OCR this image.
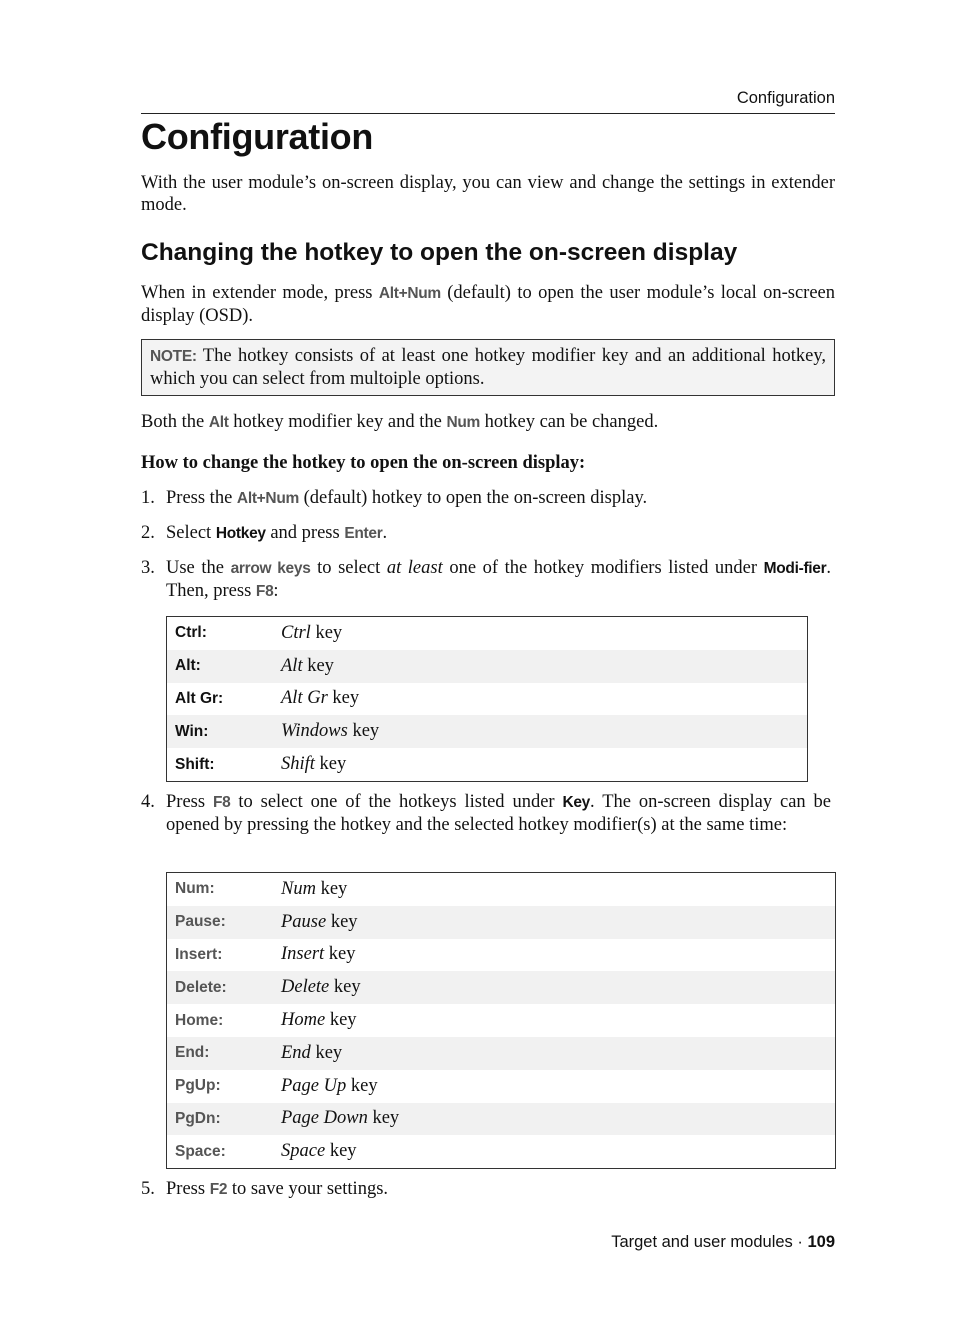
Configuration
Configuration
With the user module’s on-screen display, you can view and change the settings in extender mode.
Changing the hotkey to open the on-screen display
When in extender mode, press Alt+Num (default) to open the user module’s local on-screen display (OSD).
NOTE: The hotkey consists of at least one hotkey modifier key and an additional hotkey, which you can select from multoiple options.
Both the Alt hotkey modifier key and the Num hotkey can be changed.
How to change the hotkey to open the on-screen display:
1. Press the Alt+Num (default) hotkey to open the on-screen display.
2. Select Hotkey and press Enter.
3. Use the arrow keys to select at least one of the hotkey modifiers listed under Modi-fier. Then, press F8:
Ctrl:	Ctrl key
Alt:	Alt key
Alt Gr:	Alt Gr key
Win:	Windows key
Shift:	Shift key
4. Press F8 to select one of the hotkeys listed under Key. The on-screen display can be opened by pressing the hotkey and the selected hotkey modifier(s) at the same time:
Num:	Num key
Pause:	Pause key
Insert:	Insert key
Delete:	Delete key
Home:	Home key
End:	End key
PgUp:	Page Up key
PgDn:	Page Down key
Space:	Space key
5. Press F2 to save your settings.
Target and user modules · 109
